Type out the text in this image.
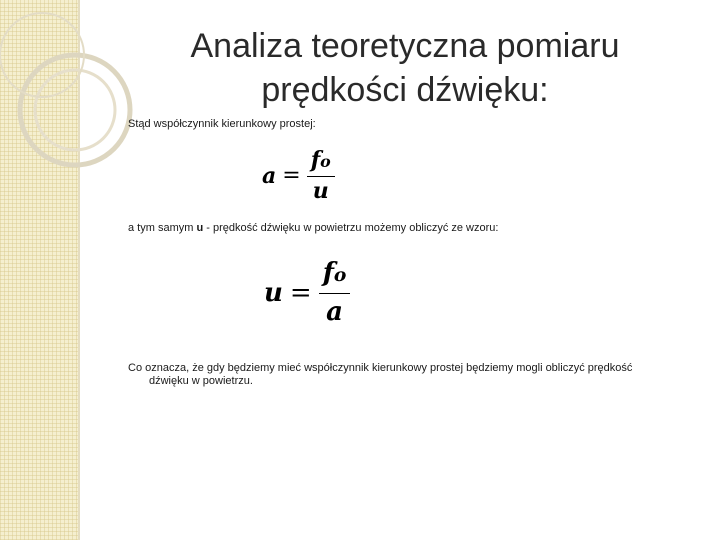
Analiza teoretyczna pomiaru
prędkości dźwięku:
Stąd współczynnik kierunkowy prostej:
$a = \frac{fo}{u}$
a tym samym u - prędkość dźwięku w powietrzu możemy obliczyć ze wzoru:
$u = \frac{fo}{a}$
Co oznacza, że gdy będziemy mieć współczynnik kierunkowy prostej będziemy mogli obliczyć prędkość
dźwięku w powietrzu.
